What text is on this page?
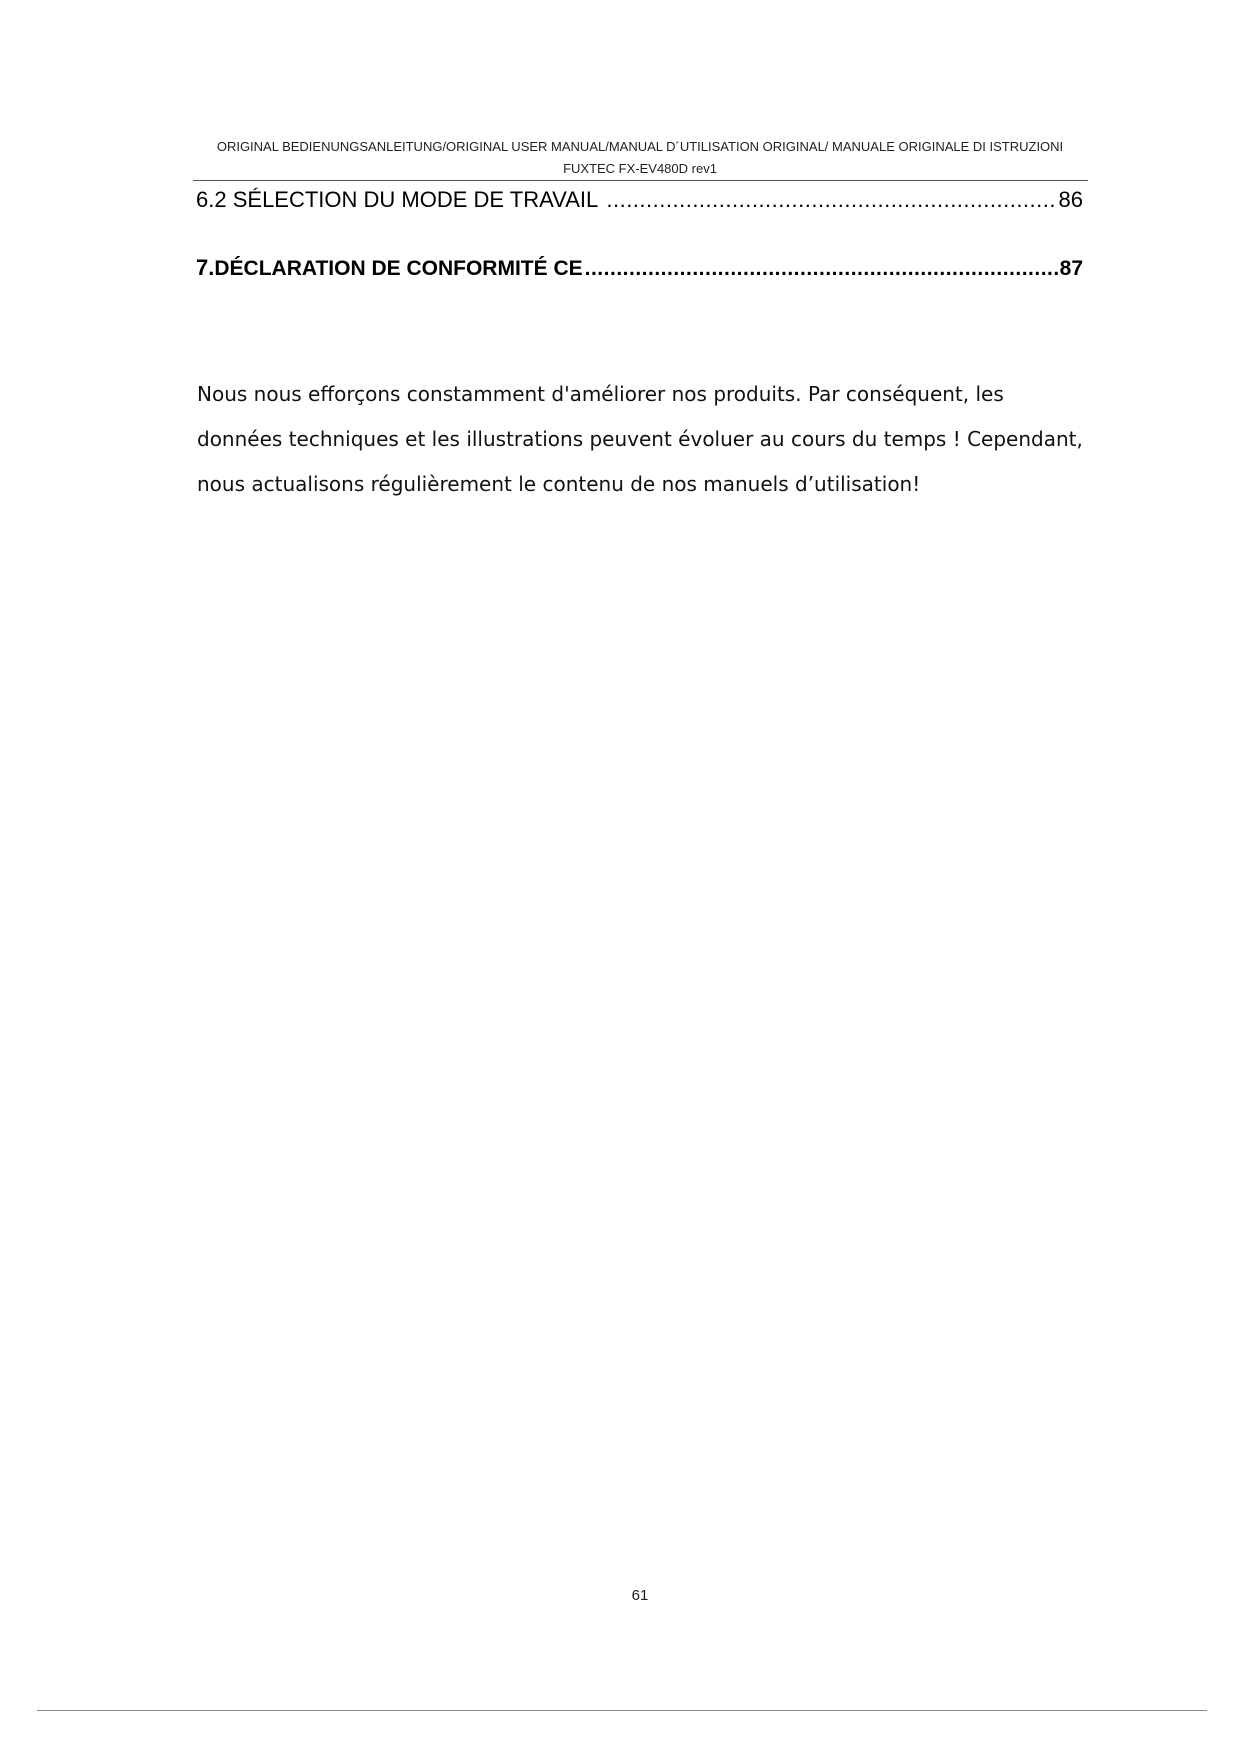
ORIGINAL BEDIENUNGSANLEITUNG/ORIGINAL USER MANUAL/MANUAL D´UTILISATION ORIGINAL/ MANUALE ORIGINALE DI ISTRUZIONI
FUXTEC FX-EV480D rev1
6.2
SÉLECTION DU MODE DE TRAVAIL
.....	86
7. DÉCLARATION DE CONFORMITÉ CE .....	87
Nous nous efforçons constamment d'améliorer nos produits. Par conséquent, les
données techniques et les illustrations peuvent évoluer au cours du temps ! Cependant,
nous actualisons régulièrement le contenu de nos manuels d’utilisation!
61
